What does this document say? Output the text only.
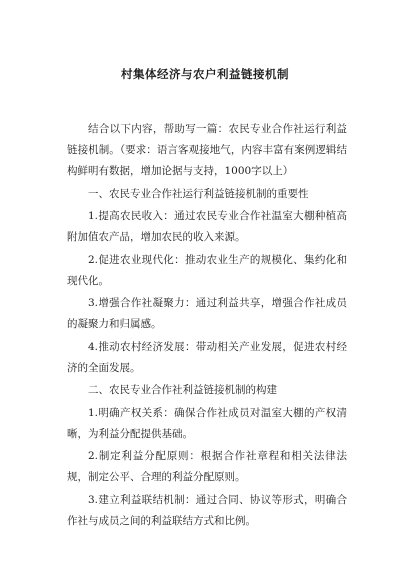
村集体经济与农户利益链接机制

结合以下内容，帮助写一篇：农民专业合作社运行利益链接机制。（要求：语言客观接地气，内容丰富有案例逻辑结构鲜明有数据，增加论据与支持，1000字以上）

一、农民专业合作社运行利益链接机制的重要性

1.提高农民收入：通过农民专业合作社温室大棚种植高附加值农产品，增加农民的收入来源。

2.促进农业现代化：推动农业生产的规模化、集约化和现代化。

3.增强合作社凝聚力：通过利益共享，增强合作社成员的凝聚力和归属感。

4.推动农村经济发展：带动相关产业发展，促进农村经济的全面发展。

二、农民专业合作社利益链接机制的构建

1.明确产权关系：确保合作社成员对温室大棚的产权清晰，为利益分配提供基础。

2.制定利益分配原则：根据合作社章程和相关法律法规，制定公平、合理的利益分配原则。

3.建立利益联结机制：通过合同、协议等形式，明确合作社与成员之间的利益联结方式和比例。
